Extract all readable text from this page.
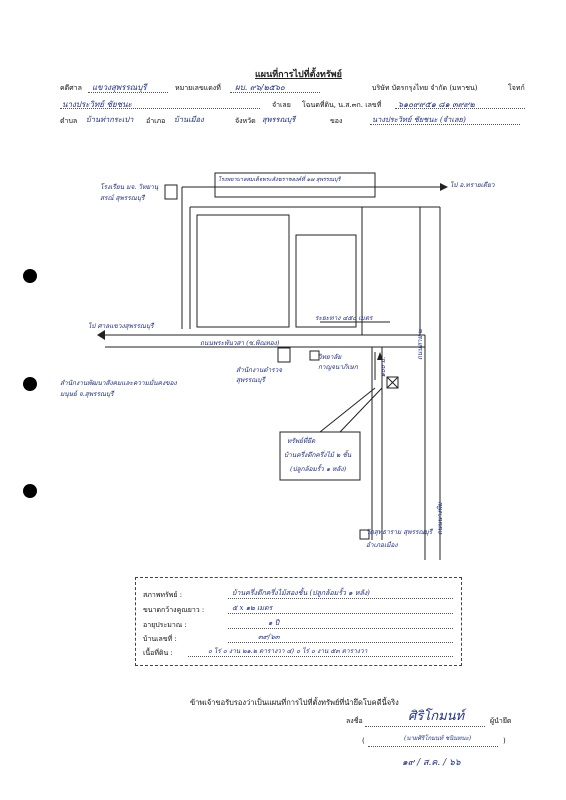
แผนที่การไปที่ตั้งทรัพย์
คดีศาล แขวงสุพรรณบุรี	หมายเลขแดงที่ ผบ. ๙๖/๒๕๖๐	บริษัท บัตรกรุงไทย จำกัด (มหาชน)	โจทก์
นางประวิทย์ ชัยชนะ	จำเลย โฉนดที่ดิน, น.ส.๓ก. เลขที่ ๖๑๐๙๙๕๑ ๘๑ ๓๙๙๒
ตำบล บ้านท่ากระเปา อำเภอ บ้านเมือง	จังหวัด สุพรรณบุรี	ของ	นางประวิทย์ ชัยชนะ (จำเลย)
ไป อ.ทรายเดียว
โรงพยาบาลสมเด็จพระสังฆราชองค์ที่ ๑๗ สุพรรณบุรี
โรงเรียน มจ. วิทยานุสรณ์ สุพรรณบุรี
ไป ศาลแขวงสุพรรณบุรี
ถนนพระพันวสา (ซ.พิณทอง)
ระยะทาง ๔๕๐ เมตร
วิทยาลัย กาญจนาภิเษก
สำนักงานตำรวจ สุพรรณบุรี
สำนักงานพัฒนาสังคมและความมั่นคงของมนุษย์ จ.สุพรรณบุรี
๑๐๐ ม.
ถนนสาย ๒
ถนนนางพิม
ทรัพย์ที่ยึด
บ้านครึ่งตึกครึ่งไม้ ๒ ชั้น
(ปลูกล้อมรั้ว ๑ หลัง)
วัดสุทธาราม สุพรรณบุรี
อำเภอเมือง
สภาพทรัพย์ :	บ้านครึ่งตึกครึ่งไม้สองชั้น (ปลูกล้อมรั้ว ๑ หลัง)
ขนาดกว้างคูณยาว :	๕ x ๑๒ เมตร
อายุประมาณ :	๑ ปี
บ้านเลขที่ :	๓๙/๖๓
เนื้อที่ดิน :	๐ ไร่ ๐ งาน ๒๑.๒ ตารางวา ๔) ๐ ไร่ ๐ งาน ๕๓ ตารางวา
ข้าพเจ้าขอรับรองว่าเป็นแผนที่การไปที่ตั้งทรัพย์ที่นำยึดโบคดีนี้จริง
ลงชื่อ	ศิริโกมนท์	ผู้นำยึด
(	(นายศิริโกมนท์ ชนินทนะ)	)
๑๙ / ส.ค. / ๖๖
